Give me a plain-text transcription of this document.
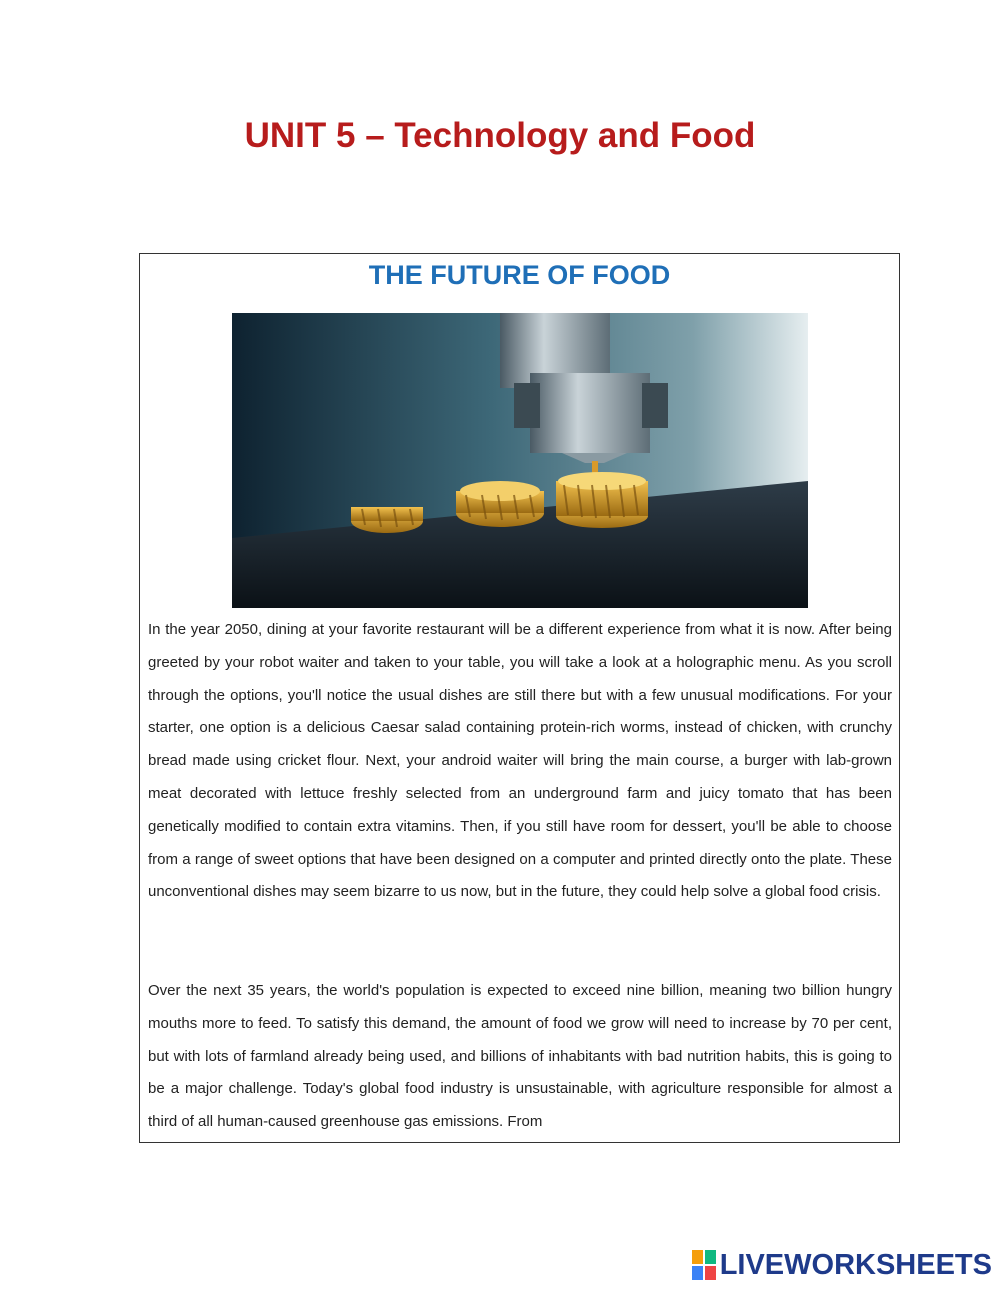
UNIT 5 – Technology and Food
THE FUTURE OF FOOD

In the year 2050, dining at your favorite restaurant will be a different experience from what it is now. After being greeted by your robot waiter and taken to your table, you will take a look at a holographic menu. As you scroll through the options, you'll notice the usual dishes are still there but with a few unusual modifications. For your starter, one option is a delicious Caesar salad containing protein-rich worms, instead of chicken, with crunchy bread made using cricket flour. Next, your android waiter will bring the main course, a burger with lab-grown meat decorated with lettuce freshly selected from an underground farm and juicy tomato that has been genetically modified to contain extra vitamins. Then, if you still have room for dessert, you'll be able to choose from a range of sweet options that have been designed on a computer and printed directly onto the plate. These unconventional dishes may seem bizarre to us now, but in the future, they could help solve a global food crisis.

Over the next 35 years, the world's population is expected to exceed nine billion, meaning two billion hungry mouths more to feed. To satisfy this demand, the amount of food we grow will need to increase by 70 per cent, but with lots of farmland already being used, and billions of inhabitants with bad nutrition habits, this is going to be a major challenge. Today's global food industry is unsustainable, with agriculture responsible for almost a third of all human-caused greenhouse gas emissions. From

LIVEWORKSHEETS
